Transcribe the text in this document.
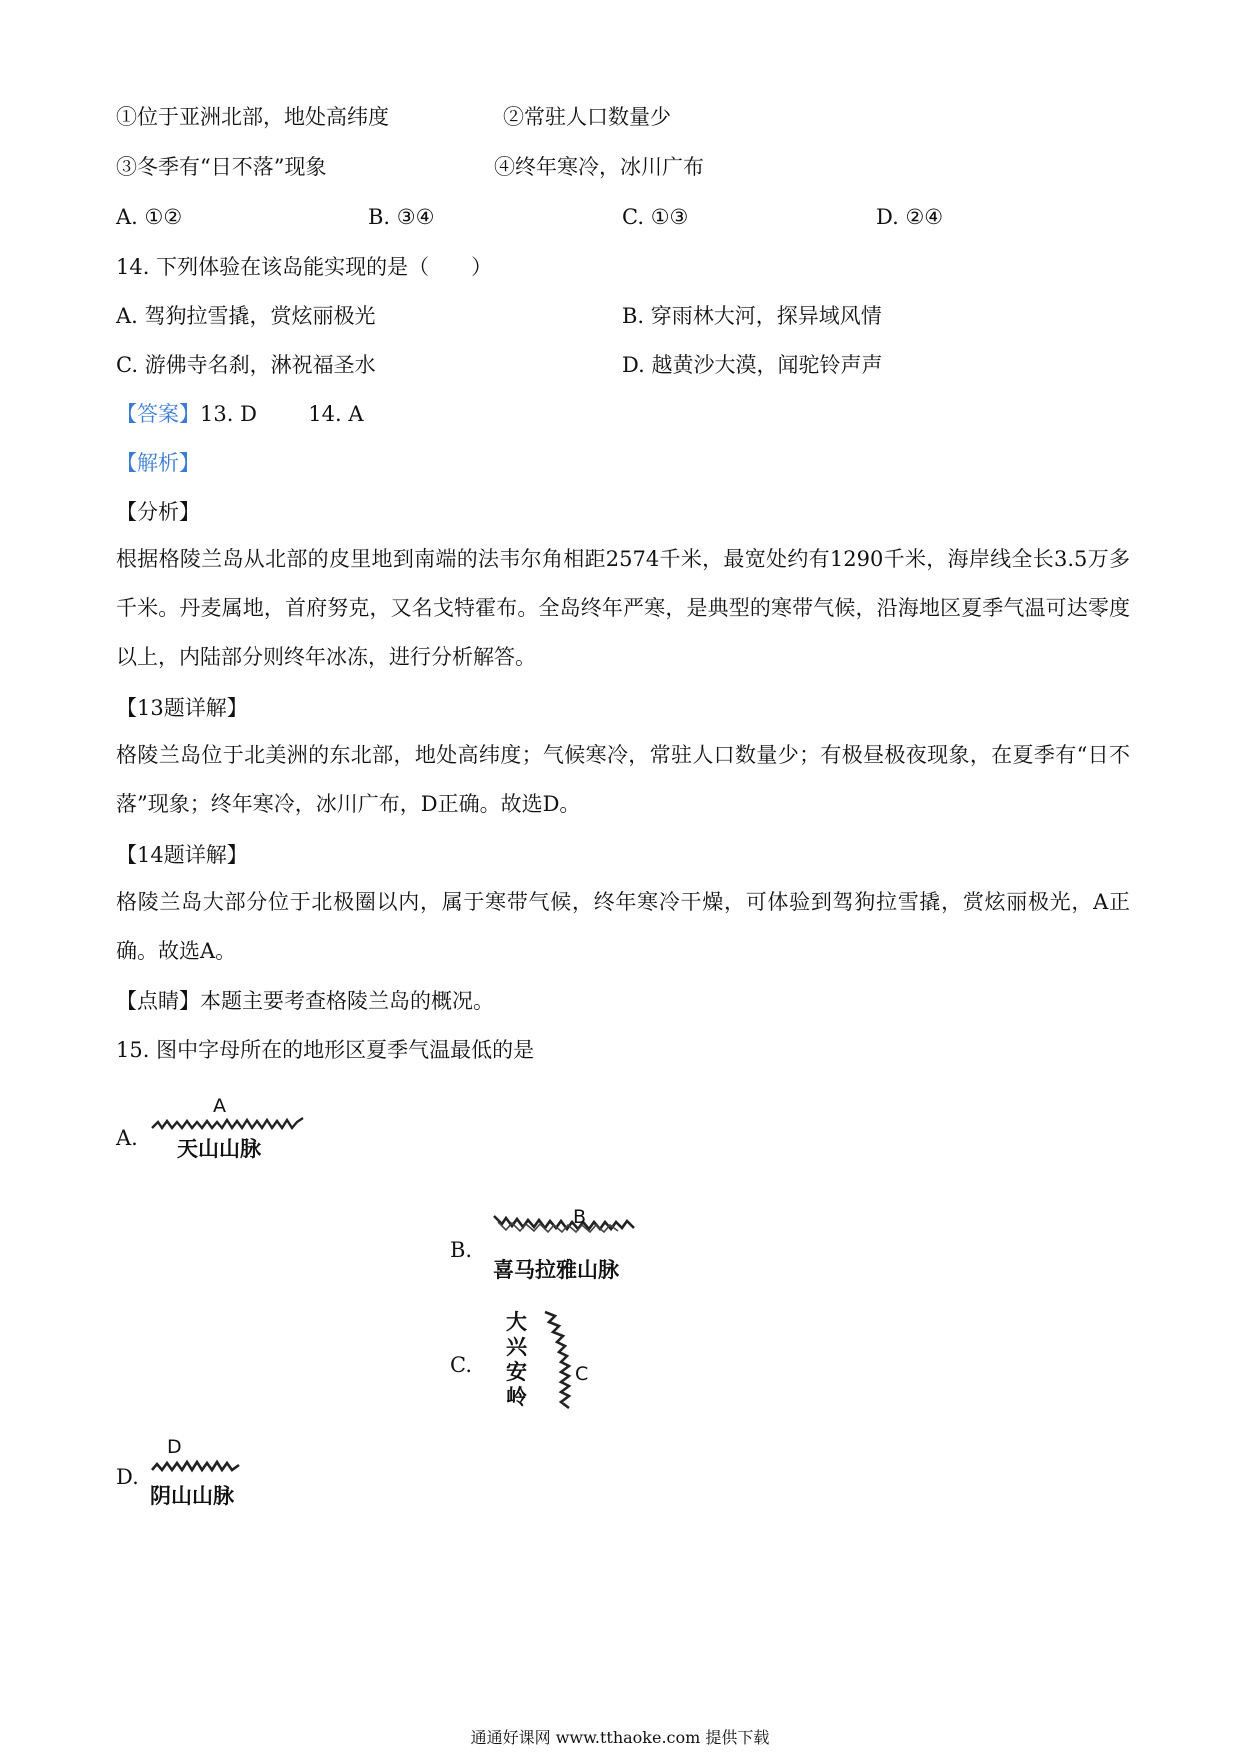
①位于亚洲北部，地处高纬度	②常驻人口数量少
③冬季有“日不落”现象	④终年寒冷，冰川广布
A. ①②	B. ③④	C. ①③	D. ②④
14. 下列体验在该岛能实现的是（　　）
A. 驾狗拉雪撬，赏炫丽极光	B. 穿雨林大河，探异域风情
C. 游佛寺名刹，淋祝福圣水	D. 越黄沙大漠，闻驼铃声声
【答案】13. D 14. A
【解析】
【分析】
根据格陵兰岛从北部的皮里地到南端的法韦尔角相距2574千米，最宽处约有1290千米，海岸线全长3.5万多千米。丹麦属地，首府努克，又名戈特霍布。全岛终年严寒，是典型的寒带气候，沿海地区夏季气温可达零度以上，内陆部分则终年冰冻，进行分析解答。
【13题详解】
格陵兰岛位于北美洲的东北部，地处高纬度；气候寒冷，常驻人口数量少；有极昼极夜现象，在夏季有“日不落”现象；终年寒冷，冰川广布，D正确。故选D。
【14题详解】
格陵兰岛大部分位于北极圈以内，属于寒带气候，终年寒冷干燥，可体验到驾狗拉雪撬，赏炫丽极光，A正确。故选A。
【点睛】本题主要考查格陵兰岛的概况。
15. 图中字母所在的地形区夏季气温最低的是
A.
A
天山山脉
B.
B
喜马拉雅山脉
C.
大
兴
安
岭
C
D.
D
阴山山脉
通通好课网 www.tthaoke.com 提供下载
